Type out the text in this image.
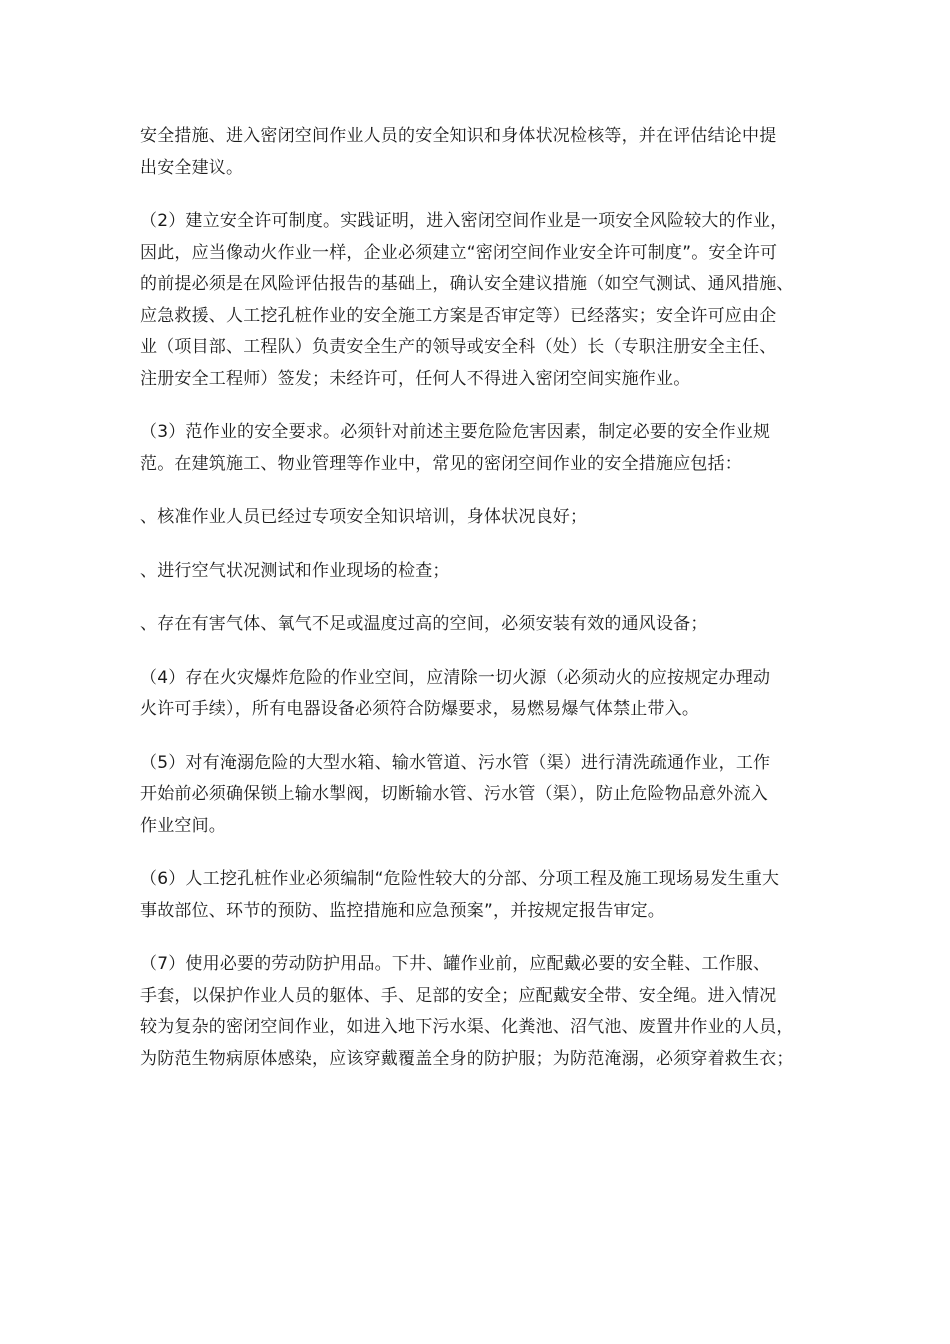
安全措施、进入密闭空间作业人员的安全知识和身体状况检核等，并在评估结论中提
出安全建议。

（2）建立安全许可制度。实践证明，进入密闭空间作业是一项安全风险较大的作业，
因此，应当像动火作业一样，企业必须建立“密闭空间作业安全许可制度”。安全许可
的前提必须是在风险评估报告的基础上，确认安全建议措施（如空气测试、通风措施、
应急救援、人工挖孔桩作业的安全施工方案是否审定等）已经落实；安全许可应由企
业（项目部、工程队）负责安全生产的领导或安全科（处）长（专职注册安全主任、
注册安全工程师）签发；未经许可，任何人不得进入密闭空间实施作业。

（3）范作业的安全要求。必须针对前述主要危险危害因素，制定必要的安全作业规
范。在建筑施工、物业管理等作业中，常见的密闭空间作业的安全措施应包括：

、核准作业人员已经过专项安全知识培训，身体状况良好；

、进行空气状况测试和作业现场的检查；

、存在有害气体、氧气不足或温度过高的空间，必须安装有效的通风设备；

（4）存在火灾爆炸危险的作业空间，应清除一切火源（必须动火的应按规定办理动
火许可手续），所有电器设备必须符合防爆要求，易燃易爆气体禁止带入。

（5）对有淹溺危险的大型水箱、输水管道、污水管（渠）进行清洗疏通作业，工作
开始前必须确保锁上输水掣阀，切断输水管、污水管（渠），防止危险物品意外流入
作业空间。

（6）人工挖孔桩作业必须编制“危险性较大的分部、分项工程及施工现场易发生重大
事故部位、环节的预防、监控措施和应急预案”，并按规定报告审定。

（7）使用必要的劳动防护用品。下井、罐作业前，应配戴必要的安全鞋、工作服、
手套，以保护作业人员的躯体、手、足部的安全；应配戴安全带、安全绳。进入情况
较为复杂的密闭空间作业，如进入地下污水渠、化粪池、沼气池、废置井作业的人员，
为防范生物病原体感染，应该穿戴覆盖全身的防护服；为防范淹溺，必须穿着救生衣；
